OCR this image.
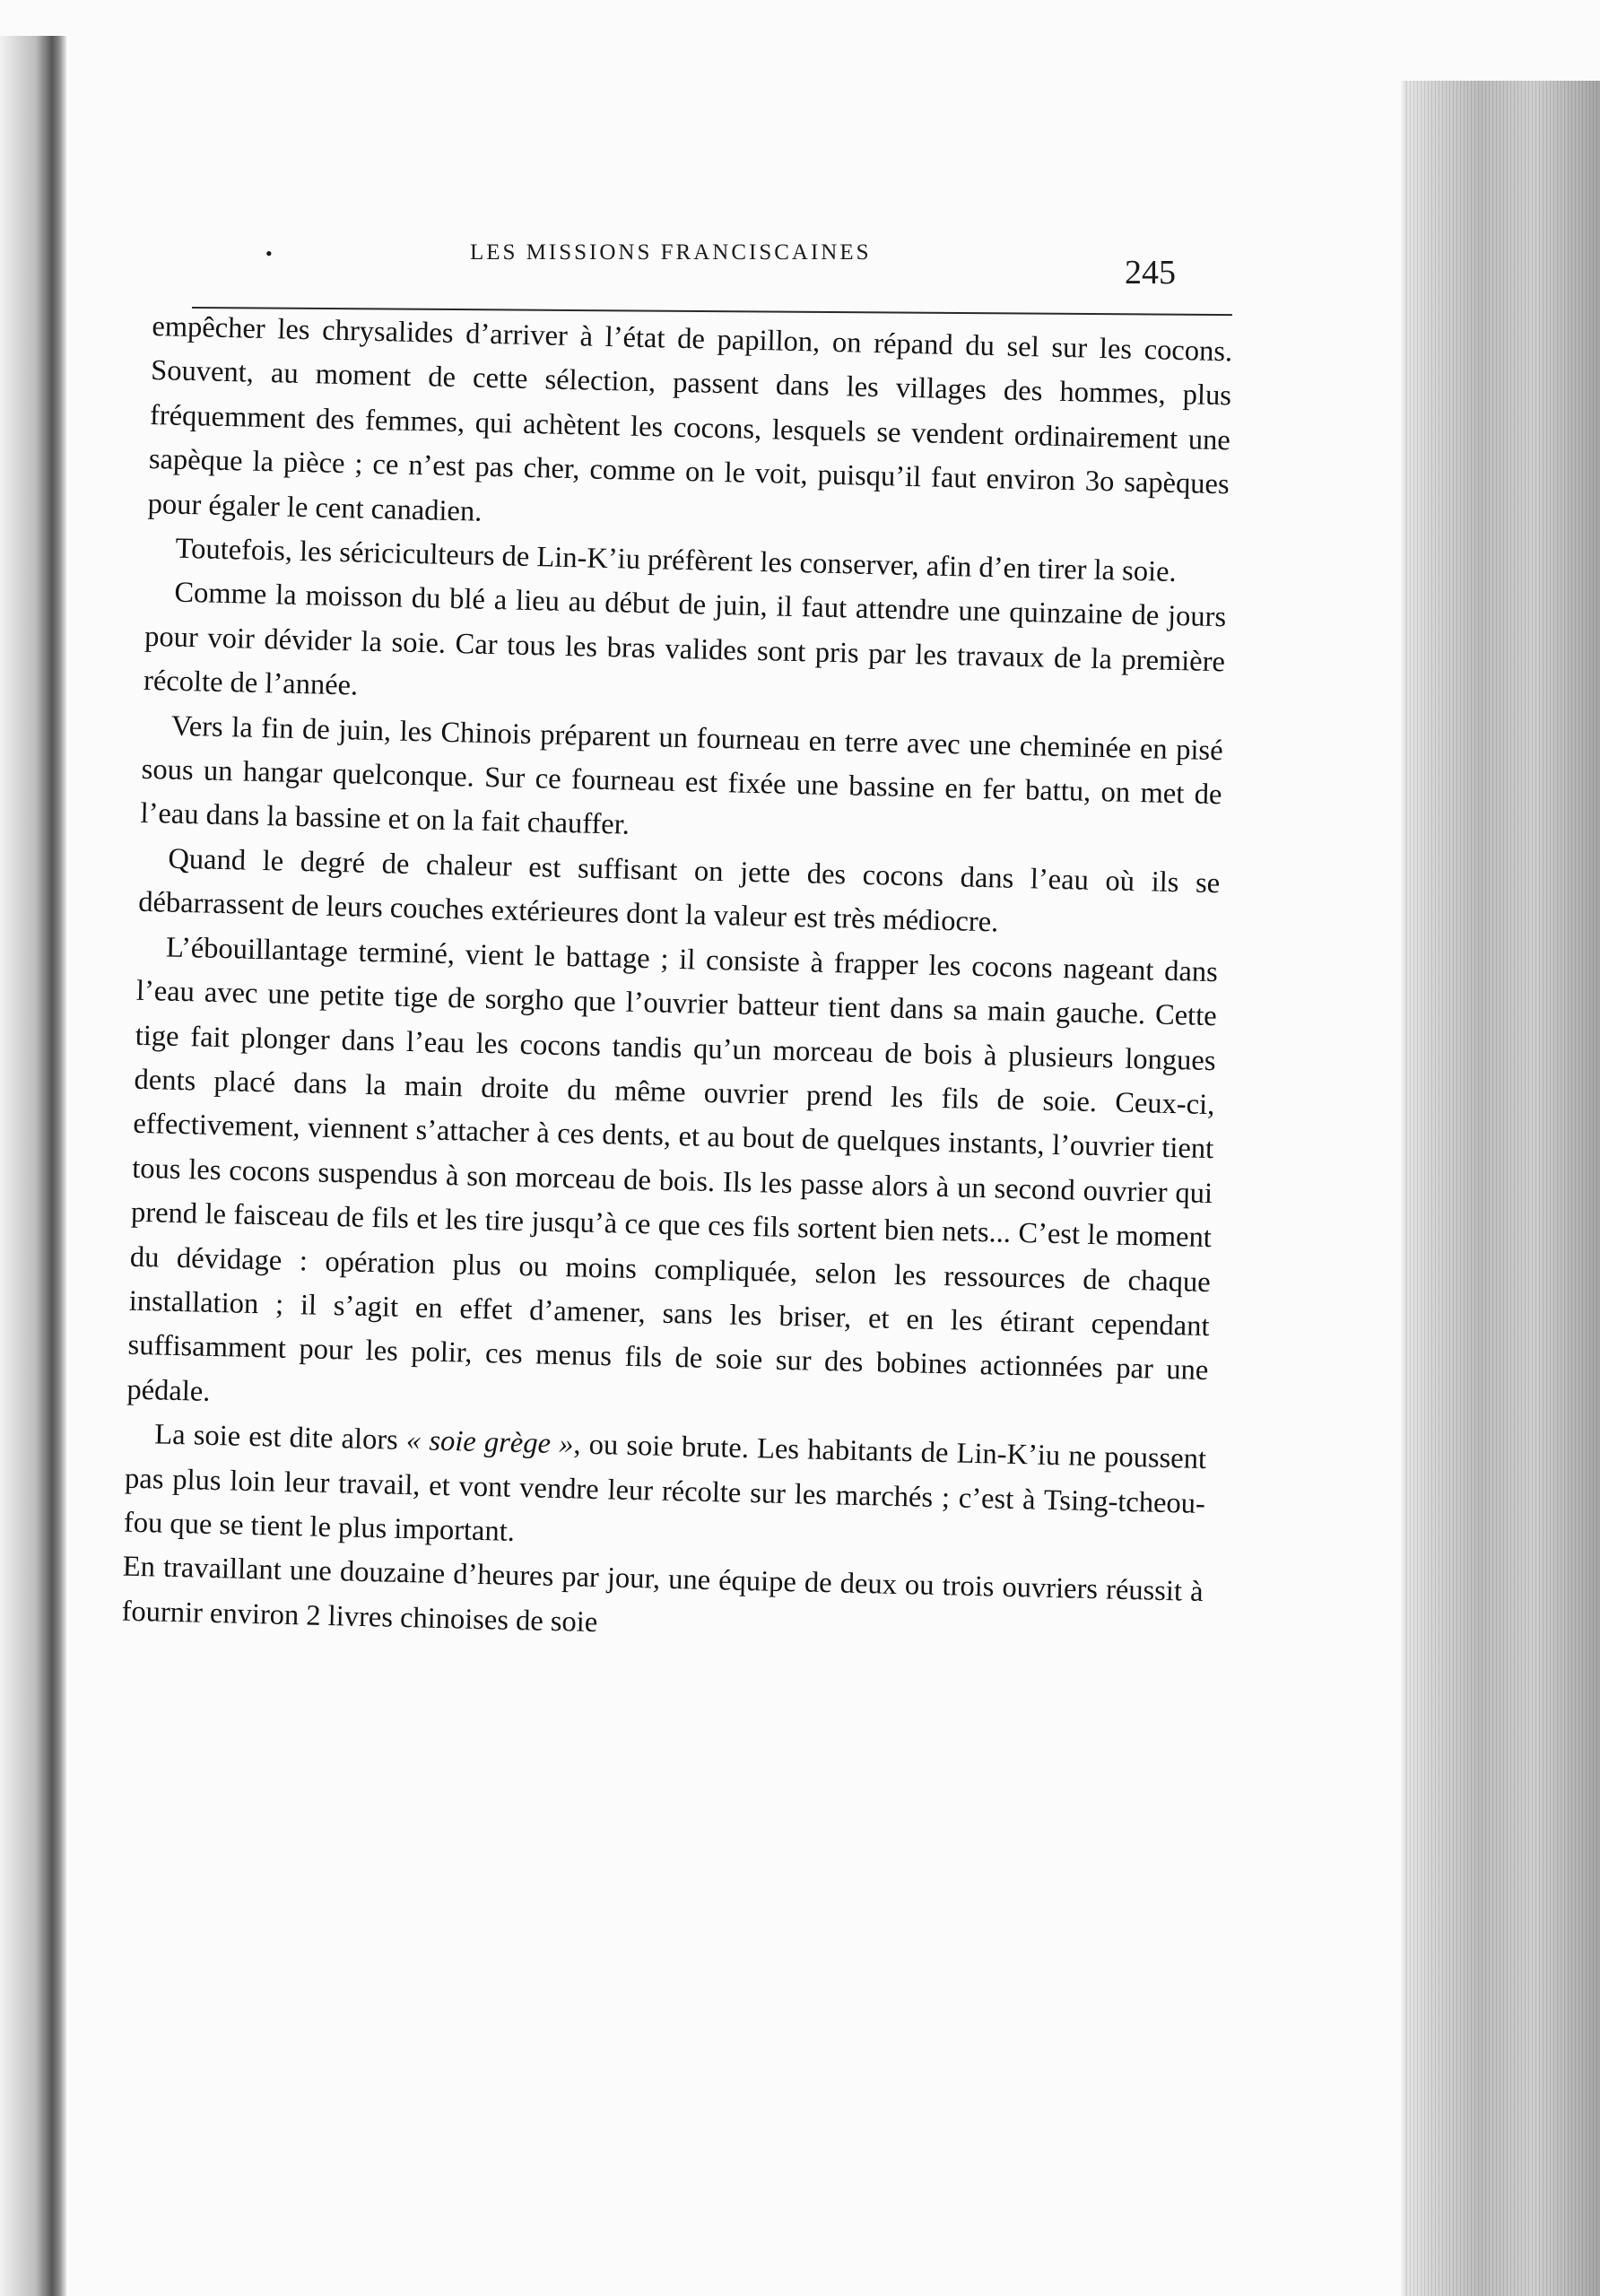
•	LES MISSIONS FRANCISCAINES
245

empêcher les chrysalides d’arriver à l’état de papillon, on répand du sel sur les cocons. Souvent, au moment de cette sélection, passent dans les villages des hommes, plus fréquemment des femmes, qui achètent les cocons, lesquels se vendent ordinairement une sapèque la pièce ; ce n’est pas cher, comme on le voit, puisqu’il faut environ 3o sapèques pour égaler le cent canadien.

Toutefois, les sériciculteurs de Lin-K’iu préfèrent les conserver, afin d’en tirer la soie.

Comme la moisson du blé a lieu au début de juin, il faut attendre une quinzaine de jours pour voir dévider la soie. Car tous les bras valides sont pris par les travaux de la première récolte de l’année.

Vers la fin de juin, les Chinois préparent un fourneau en terre avec une cheminée en pisé sous un hangar quelconque. Sur ce fourneau est fixée une bassine en fer battu, on met de l’eau dans la bassine et on la fait chauffer.

Quand le degré de chaleur est suffisant on jette des cocons dans l’eau où ils se débarrassent de leurs couches extérieures dont la valeur est très médiocre.

L’ébouillantage terminé, vient le battage ; il consiste à frapper les cocons nageant dans l’eau avec une petite tige de sorgho que l’ouvrier batteur tient dans sa main gauche. Cette tige fait plonger dans l’eau les cocons tandis qu’un morceau de bois à plusieurs longues dents placé dans la main droite du même ouvrier prend les fils de soie. Ceux-ci, effectivement, viennent s’attacher à ces dents, et au bout de quelques instants, l’ouvrier tient tous les cocons suspendus à son morceau de bois. Ils les passe alors à un second ouvrier qui prend le faisceau de fils et les tire jusqu’à ce que ces fils sortent bien nets... C’est le moment du dévidage : opération plus ou moins compliquée, selon les ressources de chaque installation ; il s’agit en effet d’amener, sans les briser, et en les étirant cependant suffisamment pour les polir, ces menus fils de soie sur des bobines actionnées par une pédale.

La soie est dite alors « soie grège », ou soie brute. Les habitants de Lin-K’iu ne poussent pas plus loin leur travail, et vont vendre leur récolte sur les marchés ; c’est à Tsing-tcheou-fou que se tient le plus important.

En travaillant une douzaine d’heures par jour, une équipe de deux ou trois ouvriers réussit à fournir environ 2 livres chinoises de soie
